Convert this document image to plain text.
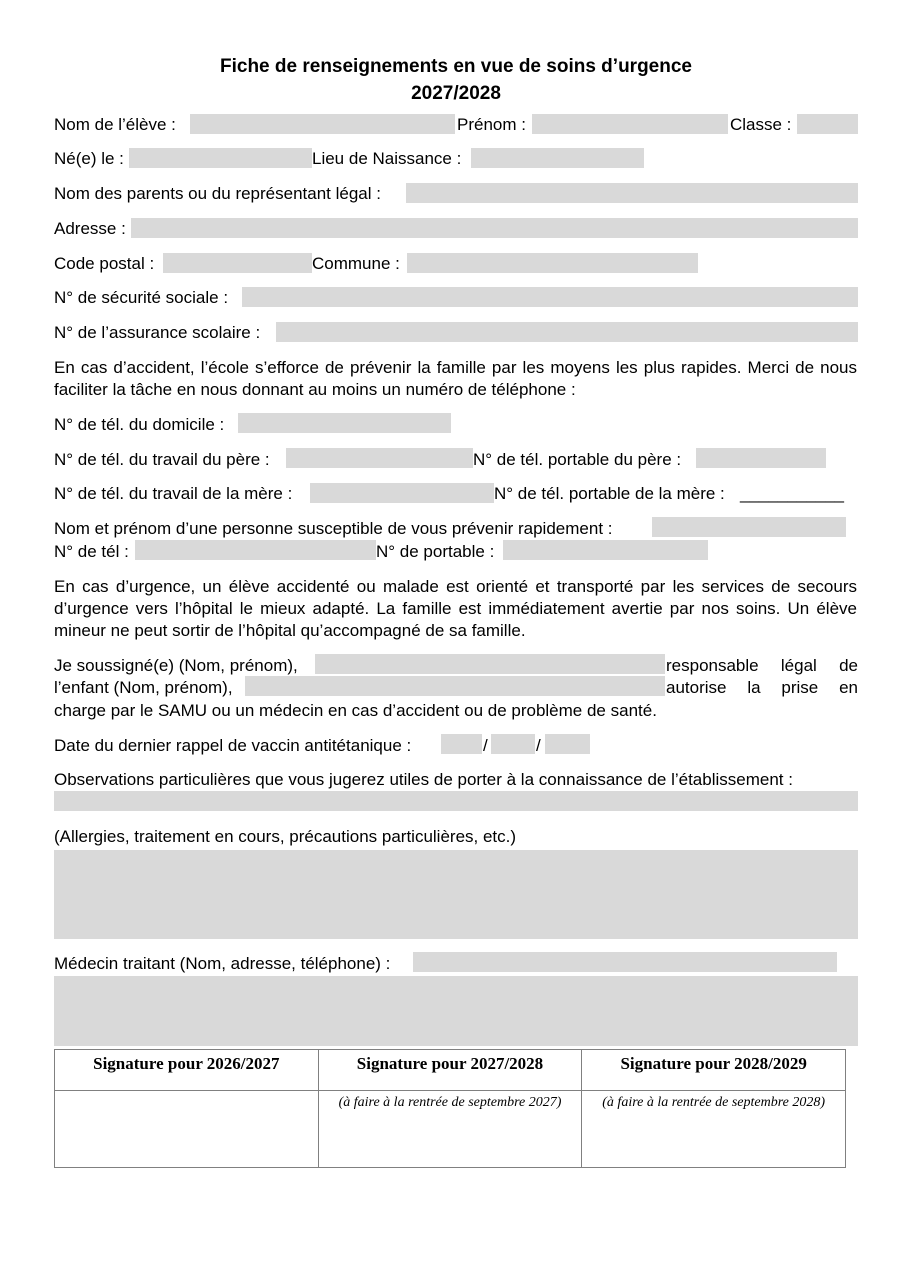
Fiche de renseignements en vue de soins d’urgence
2027/2028
Nom de l’élève :	Prénom :	Classe :
Né(e) le :	Lieu de Naissance :
Nom des parents ou du représentant légal :
Adresse :
Code postal :	Commune :
N° de sécurité sociale :
N° de l’assurance scolaire :
En cas d’accident, l’école s’efforce de prévenir la famille par les moyens les plus rapides. Merci de nous faciliter la tâche en nous donnant au moins un numéro de téléphone :
N° de tél. du domicile :
N° de tél. du travail du père :	N° de tél. portable du père :
N° de tél. du travail de la mère :	N° de tél. portable de la mère : ___________
Nom et prénom d’une personne susceptible de vous prévenir rapidement :
N° de tél :	N° de portable :
En cas d’urgence, un élève accidenté ou malade est orienté et transporté par les services de secours d’urgence vers l’hôpital le mieux adapté. La famille est immédiatement avertie par nos soins. Un élève mineur ne peut sortir de l’hôpital qu’accompagné de sa famille.
Je soussigné(e) (Nom, prénom),	responsable légal de
l’enfant (Nom, prénom),	autorise la prise en
charge par le SAMU ou un médecin en cas d’accident ou de problème de santé.
Date du dernier rappel de vaccin antitétanique :	/	/
Observations particulières que vous jugerez utiles de porter à la connaissance de l’établissement :
(Allergies, traitement en cours, précautions particulières, etc.)
Médecin traitant (Nom, adresse, téléphone) :
Signature pour 2026/2027	Signature pour 2027/2028	Signature pour 2028/2029
	(à faire à la rentrée de septembre 2027)	(à faire à la rentrée de septembre 2028)
